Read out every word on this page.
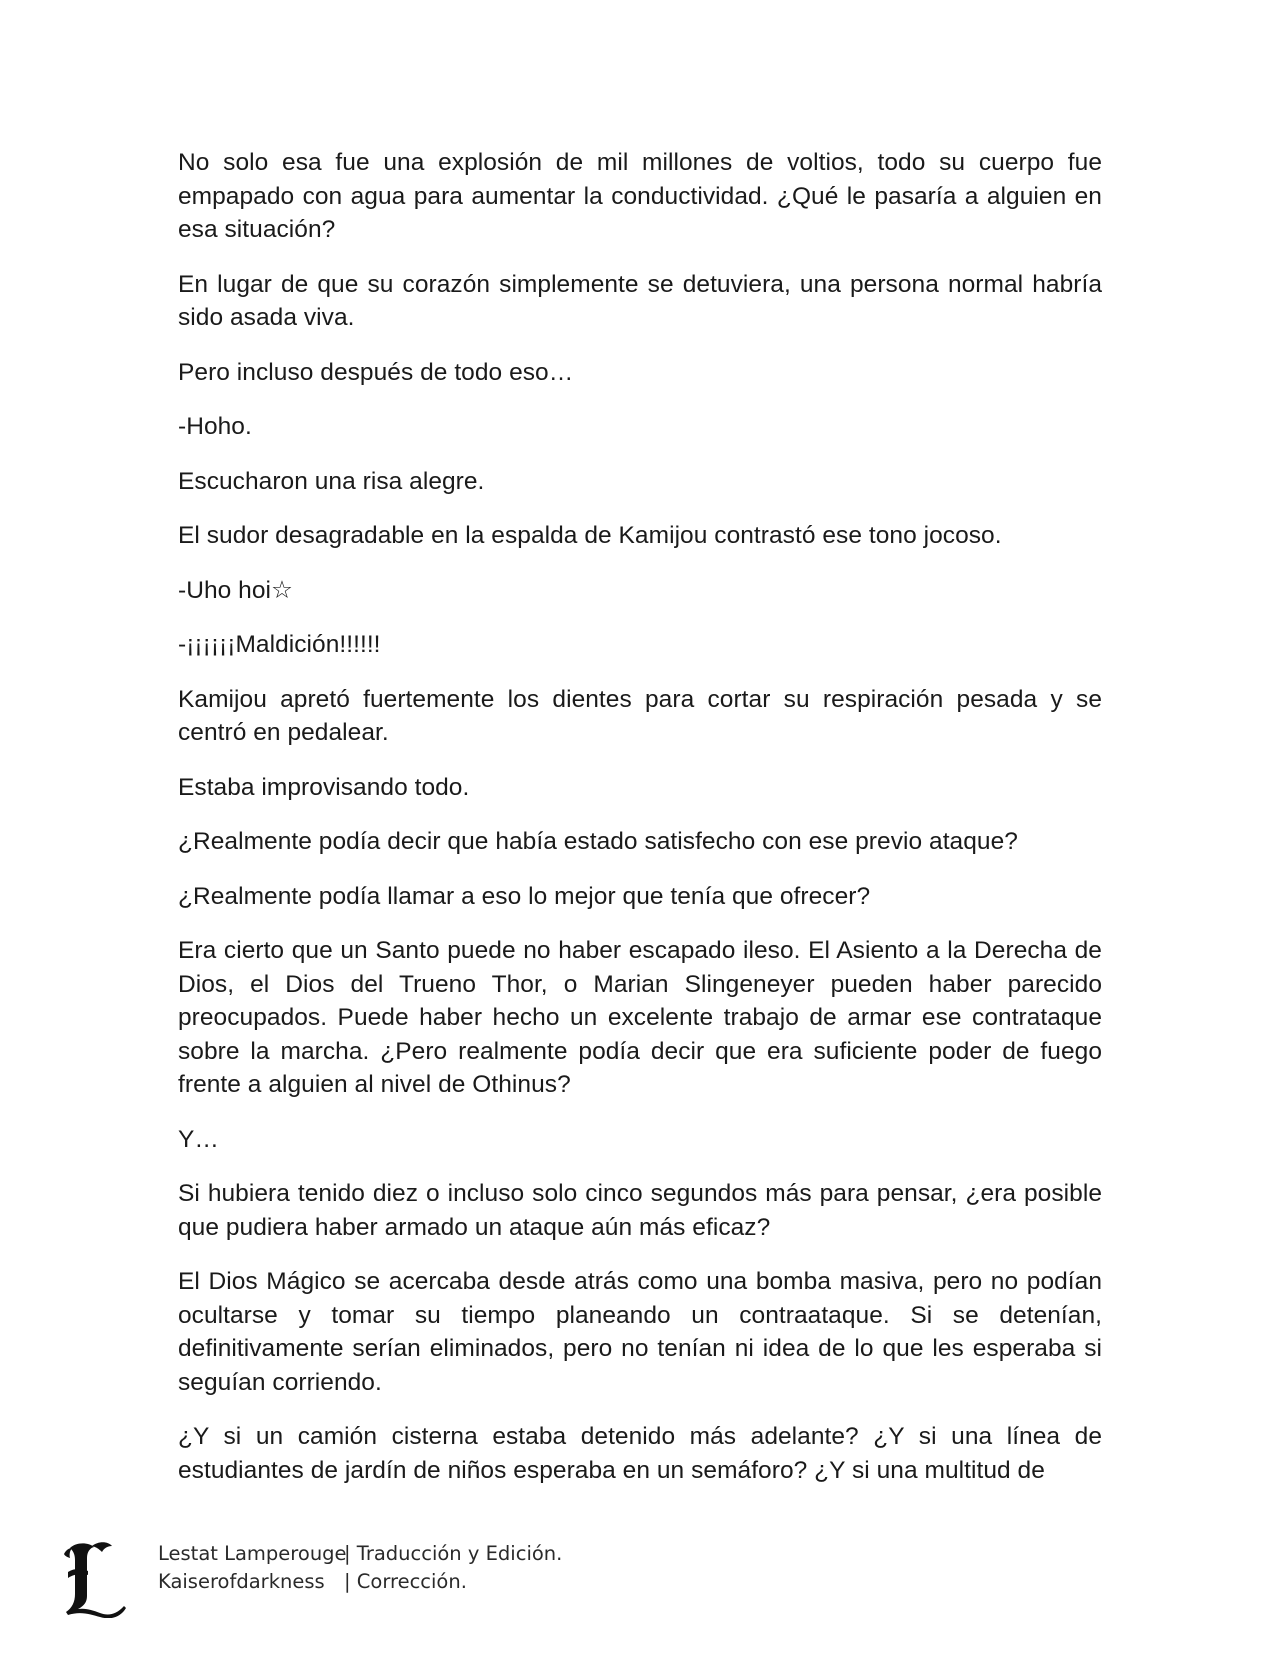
No solo esa fue una explosión de mil millones de voltios, todo su cuerpo fue empapado con agua para aumentar la conductividad. ¿Qué le pasaría a alguien en esa situación?

En lugar de que su corazón simplemente se detuviera, una persona normal habría sido asada viva.

Pero incluso después de todo eso…

-Hoho.

Escucharon una risa alegre.

El sudor desagradable en la espalda de Kamijou contrastó ese tono jocoso.

-Uho hoi☆

-¡¡¡¡¡¡Maldición!!!!!!

Kamijou apretó fuertemente los dientes para cortar su respiración pesada y se centró en pedalear.

Estaba improvisando todo.

¿Realmente podía decir que había estado satisfecho con ese previo ataque?

¿Realmente podía llamar a eso lo mejor que tenía que ofrecer?

Era cierto que un Santo puede no haber escapado ileso. El Asiento a la Derecha de Dios, el Dios del Trueno Thor, o Marian Slingeneyer pueden haber parecido preocupados. Puede haber hecho un excelente trabajo de armar ese contrataque sobre la marcha. ¿Pero realmente podía decir que era suficiente poder de fuego frente a alguien al nivel de Othinus?

Y…

Si hubiera tenido diez o incluso solo cinco segundos más para pensar, ¿era posible que pudiera haber armado un ataque aún más eficaz?

El Dios Mágico se acercaba desde atrás como una bomba masiva, pero no podían ocultarse y tomar su tiempo planeando un contraataque. Si se detenían, definitivamente serían eliminados, pero no tenían ni idea de lo que les esperaba si seguían corriendo.

¿Y si un camión cisterna estaba detenido más adelante? ¿Y si una línea de estudiantes de jardín de niños esperaba en un semáforo? ¿Y si una multitud de

Lestat Lamperouge| Traducción y Edición.
Kaiserofdarkness | Corrección.
